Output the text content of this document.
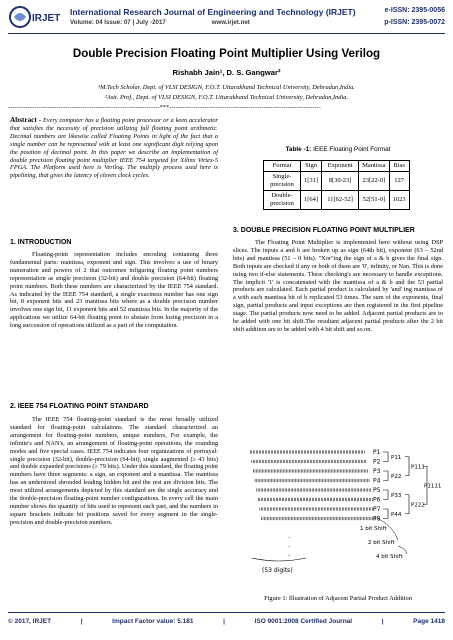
IRJET
International Research Journal of Engineering and Technology (IRJET)
Volume: 04 Issue: 07 | July -2017	www.irjet.net
e-ISSN: 2395-0056
p-ISSN: 2395-0072
Double Precision Floating Point Multiplier Using Verilog
Rishabh Jain¹, D. S. Gangwar²
¹M.Tech Scholar, Dept. of VLSI DESIGN, F.O.T. Uttarakhand Technical University, Dehradun,India.
²Astt. Prof., Dept. of VLSI DESIGN, F.O.T. Uttarakhand Technical University, Dehradun,India.
---------------------------------------------------------------------***---------------------------------------------------------------------
Abstract - Every computer has a floating point processor or a keen accelerator that satisfies the necessity of precision utilizing full floating point arithmetic. Decimal numbers are likewise called Floating Points in light of the fact that a single number can be represented with at least one significant digit relying upon the position of decimal point. In this paper we describe an implementation of double precision floating point multiplier IEEE 754 targeted for Xilinx Virtex-5 FPGA. The Platform used here is Verilog. The multiply process used here is pipelining, that gives the latency of eleven clock cycles.
1. INTRODUCTION

Floating-point representation includes encoding containing three fundamental parts: mantissa, exponent and sign. This involves a use of binary numeration and powers of 2 that outcomes infiguring floating point numbers representation as single precision (32-bit) and double precision (64-bit) floating point numbers. Both these numbers are characterized by the IEEE 754 standard. As indicated by the IEEE 754 standard, a single exactness number has one sign bit, 8 exponent bits and 23 mantissa bits where as a double precision number involves one sign bit, 11 exponent bits and 52 mantissa bits. In the majority of the applications we utilize 64-bit floating point to abstain from losing precision in a long succession of operations utilized as a part of the computation.

2. IEEE 754 FLOATING POINT STANDARD

The IEEE 754 floating-point standard is the most broadly utilized standard for floating-point calculations. The standard characterized an arrangement for floating-point numbers, unique numbers, For example, the infinite's and NAN's, an arrangement of floating-point operations, the rounding modes and five special cases. IEEE 754 indicates four organizations of portrayal: single precision (32-bit), double-precision (64-bit), single augmented (≥ 43 bits) and double expanded precisions (≥ 79 bits). Under this standard, the floating point numbers have three segments: a sign, an exponent and a mantissa. The mantissa has an understood shrouded leading hidden bit and the rest are division bits. The most utilized arrangements depicted by this standard are the single accuracy and the double-precision floating-point number configurations. In every cell the main number shows the quantity of bits used to represent each part, and the numbers in square brackets indicate bit positions saved for every segment in the single-precision and double-precision numbers.

Table -1: IEEE Floating Point Format
Format	Sign	Exponent	Mantissa	Bias
Single-precision	1[31]	8[30-23]	23[22-0]	127
Double-precision	1[64]	11[62-52]	52[51-0]	1023
3. DOUBLE PRECISION FLOATING POINT MULTIPLIER

The Floating Point Multiplier is implemented here without using DSP slices. The inputs a and b are broken up as sign (64th bit), exponent (63 – 52nd bits) and mantissa (51 – 0 bits). "Xor"ing the sign of a & b gives the final sign. Both inputs are checked if any or both of them are '0', infinity, or Nan. This is done using two if-else statements. These checking's are necessary to handle exceptions. The implicit '1' is concatenated with the mantissa of a & b and the 53 partial products are calculated. Each partial product is calculated by 'and' ing mantissa of a with each mantissa bit of b replicated 53 times. The sum of the exponents, final sign, partial products and input exceptions are then registered in the first pipeline stage. The partial products now need to be added. Adjacent partial products are to be added with one bit shift.The resultant adjacent partial products after the 2 bit shift addition are to be added with 4 bit shift and so on.

P1
P2
P3
P4
P5
P6
P7
P8
P11
P22
P33
P44
P111
P222
P1111
1 bit Shift
2 bit Shift
4 bit Shift
.
.
.
(53 digits)
Figure 1: Illustration of Adjacent Partial Product Addition
© 2017, IRJET	|	Impact Factor value: 5.181	|	ISO 9001:2008 Certified Journal	|	Page 1418
